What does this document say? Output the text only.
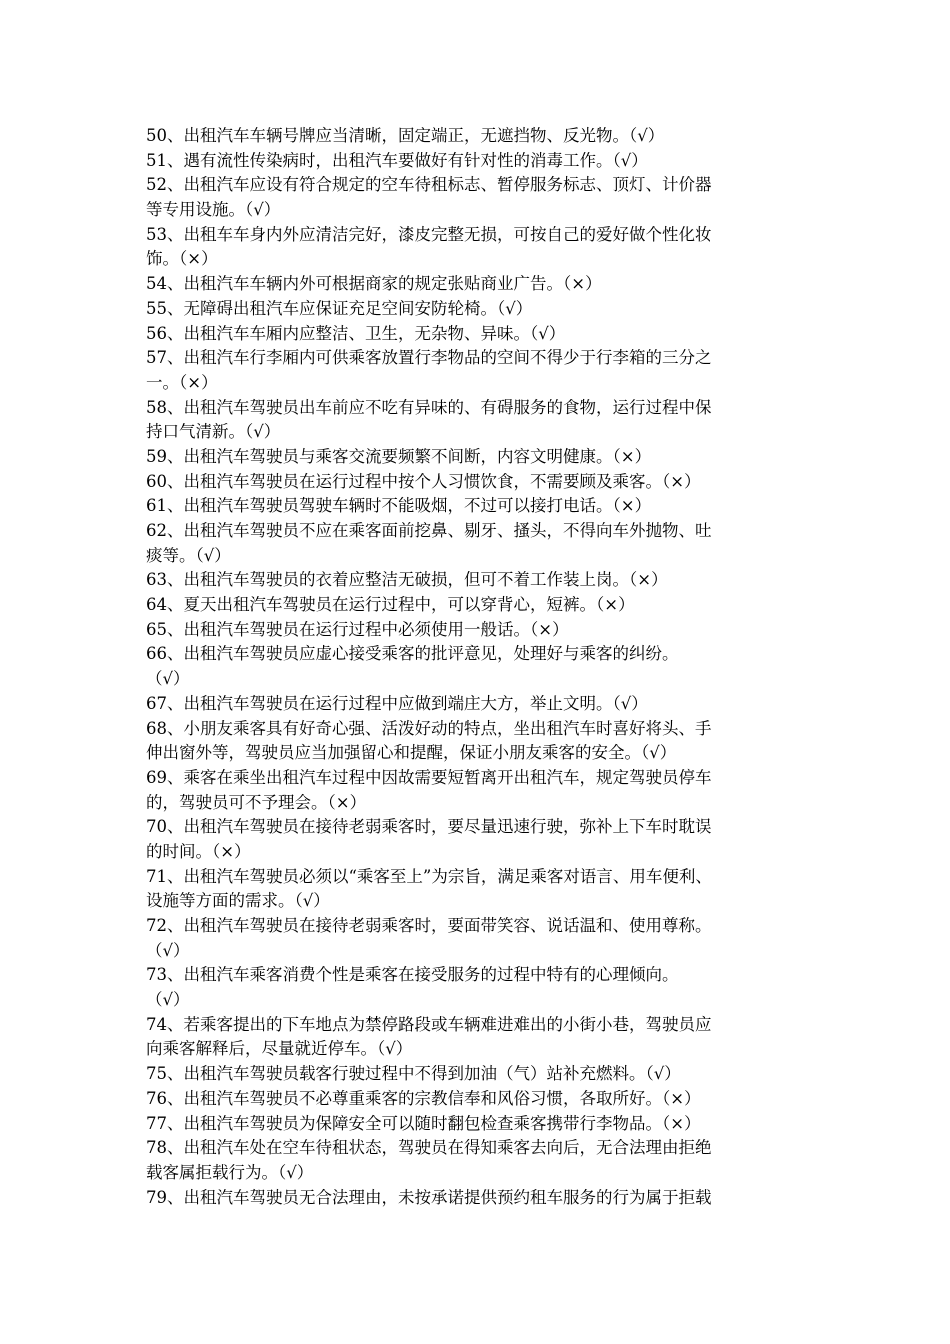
50、出租汽车车辆号牌应当清晰，固定端正，无遮挡物、反光物。（√）
51、遇有流性传染病时，出租汽车要做好有针对性的消毒工作。（√）
52、出租汽车应设有符合规定的空车待租标志、暂停服务标志、顶灯、计价器
等专用设施。（√）
53、出租车车身内外应清洁完好，漆皮完整无损，可按自己的爱好做个性化妆
饰。（×）
54、出租汽车车辆内外可根据商家的规定张贴商业广告。（×）
55、无障碍出租汽车应保证充足空间安防轮椅。（√）
56、出租汽车车厢内应整洁、卫生，无杂物、异味。（√）
57、出租汽车行李厢内可供乘客放置行李物品的空间不得少于行李箱的三分之
一。（×）
58、出租汽车驾驶员出车前应不吃有异味的、有碍服务的食物，运行过程中保
持口气清新。（√）
59、出租汽车驾驶员与乘客交流要频繁不间断，内容文明健康。（×）
60、出租汽车驾驶员在运行过程中按个人习惯饮食，不需要顾及乘客。（×）
61、出租汽车驾驶员驾驶车辆时不能吸烟，不过可以接打电话。（×）
62、出租汽车驾驶员不应在乘客面前挖鼻、剔牙、搔头，不得向车外抛物、吐
痰等。（√）
63、出租汽车驾驶员的衣着应整洁无破损，但可不着工作装上岗。（×）
64、夏天出租汽车驾驶员在运行过程中，可以穿背心，短裤。（×）
65、出租汽车驾驶员在运行过程中必须使用一般话。（×）
66、出租汽车驾驶员应虚心接受乘客的批评意见，处理好与乘客的纠纷。
（√）
67、出租汽车驾驶员在运行过程中应做到端庄大方，举止文明。（√）
68、小朋友乘客具有好奇心强、活泼好动的特点，坐出租汽车时喜好将头、手
伸出窗外等，驾驶员应当加强留心和提醒，保证小朋友乘客的安全。（√）
69、乘客在乘坐出租汽车过程中因故需要短暂离开出租汽车，规定驾驶员停车
的，驾驶员可不予理会。（×）
70、出租汽车驾驶员在接待老弱乘客时，要尽量迅速行驶，弥补上下车时耽误
的时间。（×）
71、出租汽车驾驶员必须以“乘客至上”为宗旨，满足乘客对语言、用车便利、
设施等方面的需求。（√）
72、出租汽车驾驶员在接待老弱乘客时，要面带笑容、说话温和、使用尊称。
（√）
73、出租汽车乘客消费个性是乘客在接受服务的过程中特有的心理倾向。
（√）
74、若乘客提出的下车地点为禁停路段或车辆难进难出的小街小巷，驾驶员应
向乘客解释后，尽量就近停车。（√）
75、出租汽车驾驶员载客行驶过程中不得到加油（气）站补充燃料。（√）
76、出租汽车驾驶员不必尊重乘客的宗教信奉和风俗习惯，各取所好。（×）
77、出租汽车驾驶员为保障安全可以随时翻包检查乘客携带行李物品。（×）
78、出租汽车处在空车待租状态，驾驶员在得知乘客去向后，无合法理由拒绝
载客属拒载行为。（√）
79、出租汽车驾驶员无合法理由，未按承诺提供预约租车服务的行为属于拒载
